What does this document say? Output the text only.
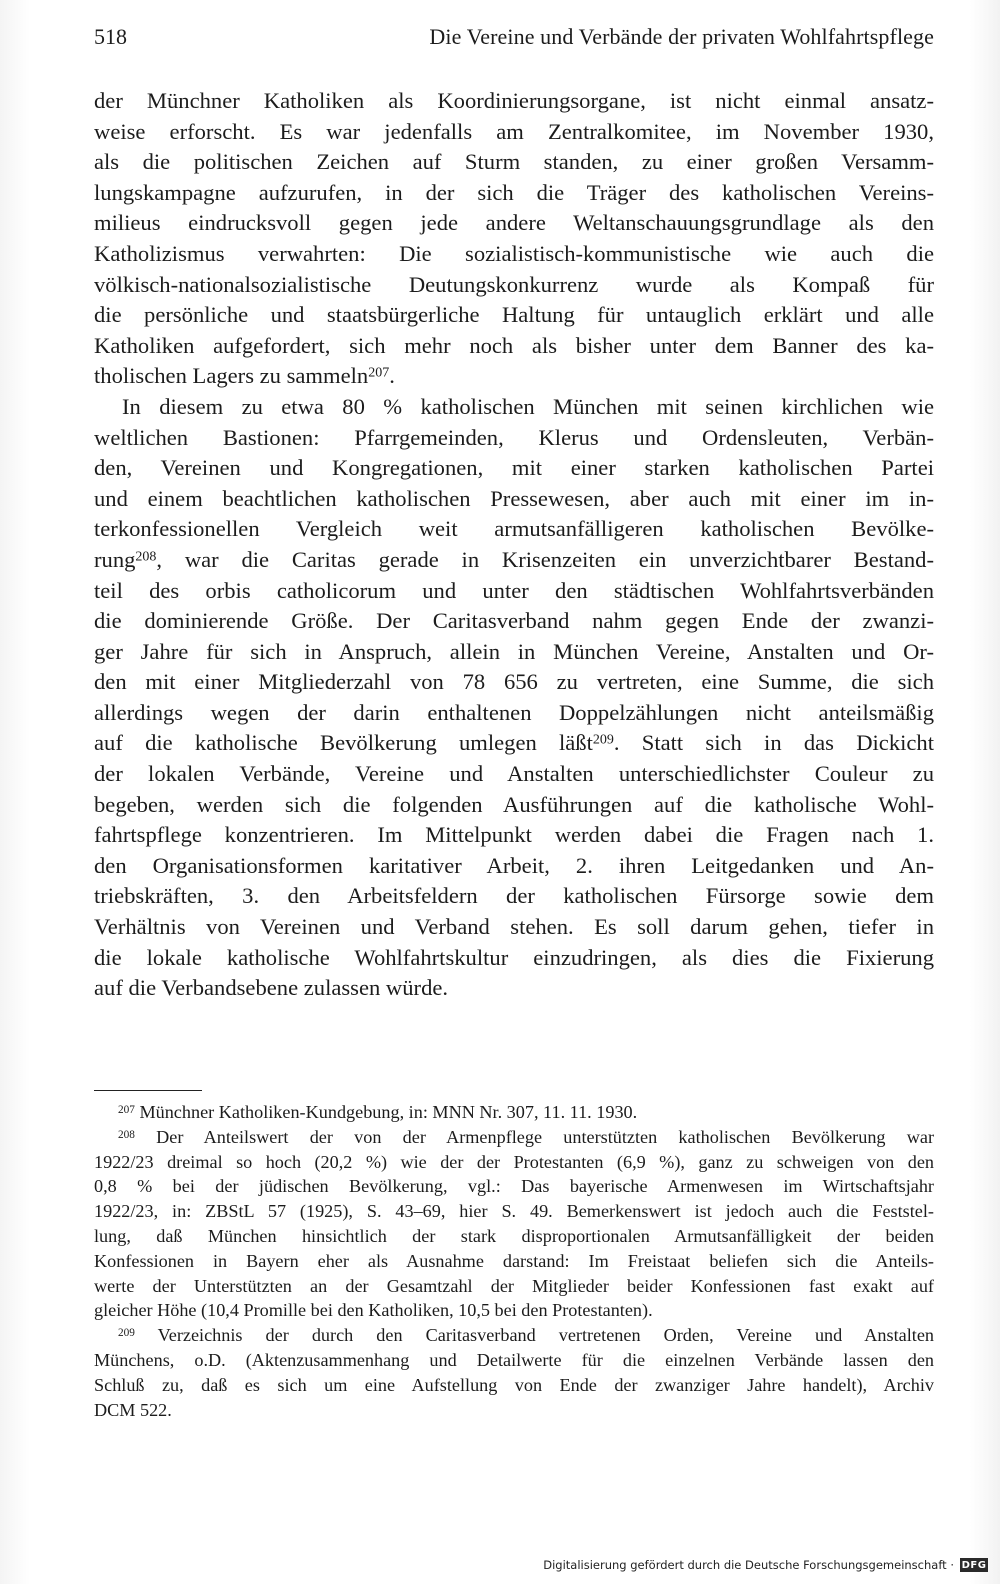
518	Die Vereine und Verbände der privaten Wohlfahrtspflege

der Münchner Katholiken als Koordinierungsorgane, ist nicht einmal ansatz-
weise erforscht. Es war jedenfalls am Zentralkomitee, im November 1930,
als die politischen Zeichen auf Sturm standen, zu einer großen Versamm-
lungskampagne aufzurufen, in der sich die Träger des katholischen Vereins-
milieus eindrucksvoll gegen jede andere Weltanschauungsgrundlage als den
Katholizismus verwahrten: Die sozialistisch-kommunistische wie auch die
völkisch-nationalsozialistische Deutungskonkurrenz wurde als Kompaß für
die persönliche und staatsbürgerliche Haltung für untauglich erklärt und alle
Katholiken aufgefordert, sich mehr noch als bisher unter dem Banner des ka-
tholischen Lagers zu sammeln$^{207}$.

In diesem zu etwa 80 % katholischen München mit seinen kirchlichen wie
weltlichen Bastionen: Pfarrgemeinden, Klerus und Ordensleuten, Verbän-
den, Vereinen und Kongregationen, mit einer starken katholischen Partei
und einem beachtlichen katholischen Pressewesen, aber auch mit einer im in-
terkonfessionellen Vergleich weit armutsanfälligeren katholischen Bevölke-
rung$^{208}$, war die Caritas gerade in Krisenzeiten ein unverzichtbarer Bestand-
teil des orbis catholicorum und unter den städtischen Wohlfahrtsverbänden
die dominierende Größe. Der Caritasverband nahm gegen Ende der zwanzi-
ger Jahre für sich in Anspruch, allein in München Vereine, Anstalten und Or-
den mit einer Mitgliederzahl von 78 656 zu vertreten, eine Summe, die sich
allerdings wegen der darin enthaltenen Doppelzählungen nicht anteilsmäßig
auf die katholische Bevölkerung umlegen läßt$^{209}$. Statt sich in das Dickicht
der lokalen Verbände, Vereine und Anstalten unterschiedlichster Couleur zu
begeben, werden sich die folgenden Ausführungen auf die katholische Wohl-
fahrtspflege konzentrieren. Im Mittelpunkt werden dabei die Fragen nach 1.
den Organisationsformen karitativer Arbeit, 2. ihren Leitgedanken und An-
triebskräften, 3. den Arbeitsfeldern der katholischen Fürsorge sowie dem
Verhältnis von Vereinen und Verband stehen. Es soll darum gehen, tiefer in
die lokale katholische Wohlfahrtskultur einzudringen, als dies die Fixierung
auf die Verbandsebene zulassen würde.

$^{207}$ Münchner Katholiken-Kundgebung, in: MNN Nr. 307, 11. 11. 1930.

$^{208}$ Der Anteilswert der von der Armenpflege unterstützten katholischen Bevölkerung war
1922/23 dreimal so hoch (20,2 %) wie der der Protestanten (6,9 %), ganz zu schweigen von den
0,8 % bei der jüdischen Bevölkerung, vgl.: Das bayerische Armenwesen im Wirtschaftsjahr
1922/23, in: ZBStL 57 (1925), S. 43–69, hier S. 49. Bemerkenswert ist jedoch auch die Feststel-
lung, daß München hinsichtlich der stark disproportionalen Armutsanfälligkeit der beiden
Konfessionen in Bayern eher als Ausnahme darstand: Im Freistaat beliefen sich die Anteils-
werte der Unterstützten an der Gesamtzahl der Mitglieder beider Konfessionen fast exakt auf
gleicher Höhe (10,4 Promille bei den Katholiken, 10,5 bei den Protestanten).

$^{209}$ Verzeichnis der durch den Caritasverband vertretenen Orden, Vereine und Anstalten
Münchens, o.D. (Aktenzusammenhang und Detailwerte für die einzelnen Verbände lassen den
Schluß zu, daß es sich um eine Aufstellung von Ende der zwanziger Jahre handelt), Archiv
DCM 522.

Digitalisierung gefördert durch die Deutsche Forschungsgemeinschaft · DFG
